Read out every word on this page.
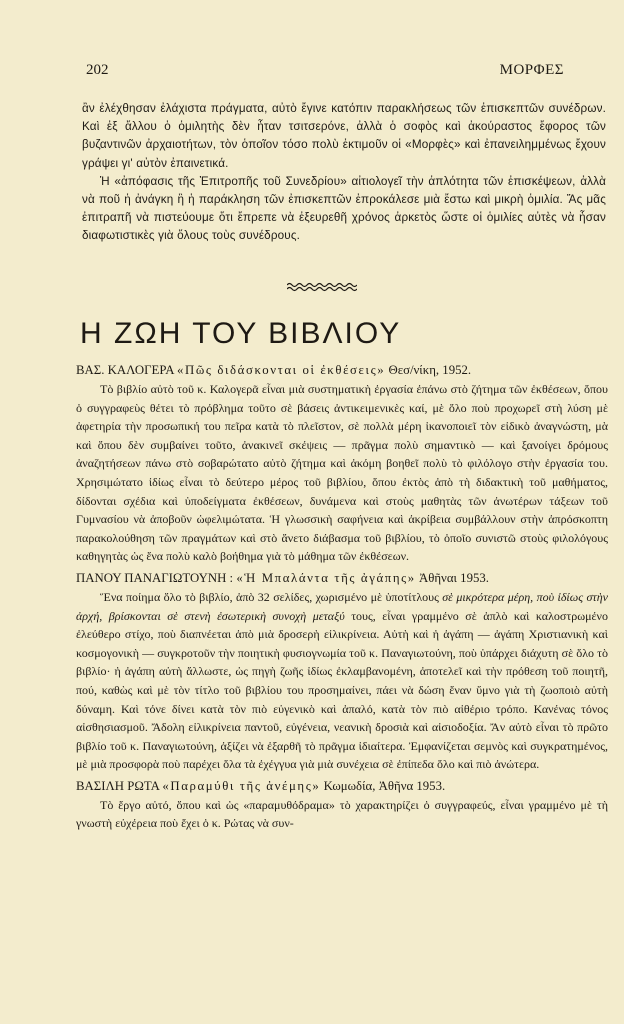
202	ΜΟΡΦΕΣ

ἂν ἐλέχθησαν ἐλάχιστα πράγματα, αὐτὸ ἔγινε κατόπιν παρακλήσεως τῶν ἐπισκεπτῶν συνέδρων. Καὶ ἐξ ἄλλου ὁ ὁμιλητὴς δὲν ἦταν τσιτσερόνε, ἀλλὰ ὁ σοφὸς καὶ ἀκούραστος ἔφορος τῶν βυζαντινῶν ἀρχαιοτήτων, τὸν ὁποῖον τόσο πολὺ ἐκτιμοῦν οἱ «Μορφὲς» καὶ ἐπανειλημμένως ἔχουν γράψει γι' αὐτὸν ἐπαινετικά.

Ἡ «ἀπόφασις τῆς Ἐπιτροπῆς τοῦ Συνεδρίου» αἰτιολογεῖ τὴν ἀπλότητα τῶν ἐπισκέψεων, ἀλλὰ νὰ ποῦ ἡ ἀνάγκη ἢ ἡ παράκληση τῶν ἐπισκεπτῶν ἐπροκάλεσε μιὰ ἔστω καὶ μικρὴ ὁμιλία. Ἄς μᾶς ἐπιτραπῆ νὰ πιστεύουμε ὅτι ἔπρεπε νὰ ἐξευρεθῆ χρόνος ἀρκετὸς ὥστε οἱ ὁμιλίες αὐτὲς νὰ ἦσαν διαφωτιστικὲς γιὰ ὅλους τοὺς συνέδρους.

Η ΖΩΗ ΤΟΥ ΒΙΒΛΙΟΥ
ΒΑΣ. ΚΑΛΟΓΕΡΑ «Πῶς διδάσκονται οἱ ἐκθέσεις» Θεσ/νίκη, 1952.

Τὸ βιβλίο αὐτὸ τοῦ κ. Καλογερᾶ εἶναι μιὰ συστηματικὴ ἐργασία ἐπάνω στὸ ζήτημα τῶν ἐκθέσεων, ὅπου ὁ συγγραφεὺς θέτει τὸ πρόβλημα τοῦτο σὲ βάσεις ἀντικειμενικὲς καί, μὲ ὅλο ποὺ προχωρεῖ στὴ λύση μὲ ἀφετηρία τὴν προσωπική του πεῖρα κατὰ τὸ πλεῖστον, σὲ πολλὰ μέρη ἱκανοποιεῖ τὸν εἰδικὸ ἀναγνώστη, μὰ καὶ ὅπου δὲν συμβαίνει τοῦτο, ἀνακινεῖ σκέψεις — πρᾶγμα πολὺ σημαντικὸ — καὶ ξανοίγει δρόμους ἀναζητήσεων πάνω στὸ σοβαρώτατο αὐτὸ ζήτημα καὶ ἀκόμη βοηθεῖ πολὺ τὸ φιλόλογο στὴν ἐργασία του. Χρησιμώτατο ἰδίως εἶναι τὸ δεύτερο μέρος τοῦ βιβλίου, ὅπου ἐκτὸς ἀπὸ τὴ διδακτικὴ τοῦ μαθήματος, δίδονται σχέδια καὶ ὑποδείγματα ἐκθέσεων, δυνάμενα καὶ στοὺς μαθητὰς τῶν ἀνωτέρων τάξεων τοῦ Γυμνασίου νὰ ἀποβοῦν ὠφελιμώτατα. Ἡ γλωσσικὴ σαφήνεια καὶ ἀκρίβεια συμβάλλουν στὴν ἀπρόσκοπτη παρακολούθηση τῶν πραγμάτων καὶ στὸ ἄνετο διάβασμα τοῦ βιβλίου, τὸ ὁποῖο συνιστῶ στοὺς φιλολόγους καθηγητὰς ὡς ἕνα πολὺ καλὸ βοήθημα γιὰ τὸ μάθημα τῶν ἐκθέσεων.

ΠΑΝΟΥ ΠΑΝΑΓΙΩΤΟΥΝΗ : «Ἡ Μπαλάντα τῆς ἀγάπης» Ἀθῆναι 1953.

Ἕνα ποίημα ὅλο τὸ βιβλίο, ἀπὸ 32 σελίδες, χωρισμένο μὲ ὑποτίτλους σὲ μικρότερα μέρη, ποὺ ἰδίως στὴν ἀρχή, βρίσκονται σὲ στενὴ ἐσωτερικὴ συνοχὴ μεταξύ τους, εἶναι γραμμένο σὲ ἁπλὸ καὶ καλοστρωμένο ἐλεύθερο στίχο, ποὺ διαπνέεται ἀπὸ μιὰ δροσερὴ εἰλικρίνεια. Αὐτὴ καὶ ἡ ἀγάπη — ἀγάπη Χριστιανικὴ καὶ κοσμογονικὴ — συγκροτοῦν τὴν ποιητικὴ φυσιογνωμία τοῦ κ. Παναγιωτούνη, ποὺ ὑπάρχει διάχυτη σὲ ὅλο τὸ βιβλίο· ἡ ἀγάπη αὐτὴ ἄλλωστε, ὡς πηγὴ ζωῆς ἰδίως ἐκλαμβανομένη, ἀποτελεῖ καὶ τὴν πρόθεση τοῦ ποιητῆ, πού, καθὼς καὶ μὲ τὸν τίτλο τοῦ βιβλίου του προσημαίνει, πάει νὰ δώση ἕναν ὕμνο γιὰ τὴ ζωοποιὸ αὐτὴ δύναμη. Καὶ τόνε δίνει κατὰ τὸν πιὸ εὐγενικὸ καὶ ἁπαλό, κατὰ τὸν πιὸ αἰθέριο τρόπο. Κανένας τόνος αἰσθησιασμοῦ. Ἄδολη εἰλικρίνεια παντοῦ, εὐγένεια, νεανικὴ δροσιὰ καὶ αἰσιοδοξία. Ἄν αὐτὸ εἶναι τὸ πρῶτο βιβλίο τοῦ κ. Παναγιωτούνη, ἀξίζει νὰ ἐξαρθῆ τὸ πρᾶγμα ἰδιαίτερα. Ἐμφανίζεται σεμνὸς καὶ συγκρατημένος, μὲ μιὰ προσφορὰ ποὺ παρέχει ὅλα τὰ ἐχέγγυα γιὰ μιὰ συνέχεια σὲ ἐπίπεδα ὅλο καὶ πιὸ ἀνώτερα.

ΒΑΣΙΛΗ ΡΩΤΑ «Παραμύθι τῆς ἀνέμης» Κωμωδία, Ἀθῆνα 1953.

Τὸ ἔργο αὐτό, ὅπου καὶ ὡς «παραμυθόδραμα» τὸ χαρακτηρίζει ὁ συγγραφεύς, εἶναι γραμμένο μὲ τὴ γνωστὴ εὐχέρεια ποὺ ἔχει ὁ κ. Ρώτας νὰ συν-
